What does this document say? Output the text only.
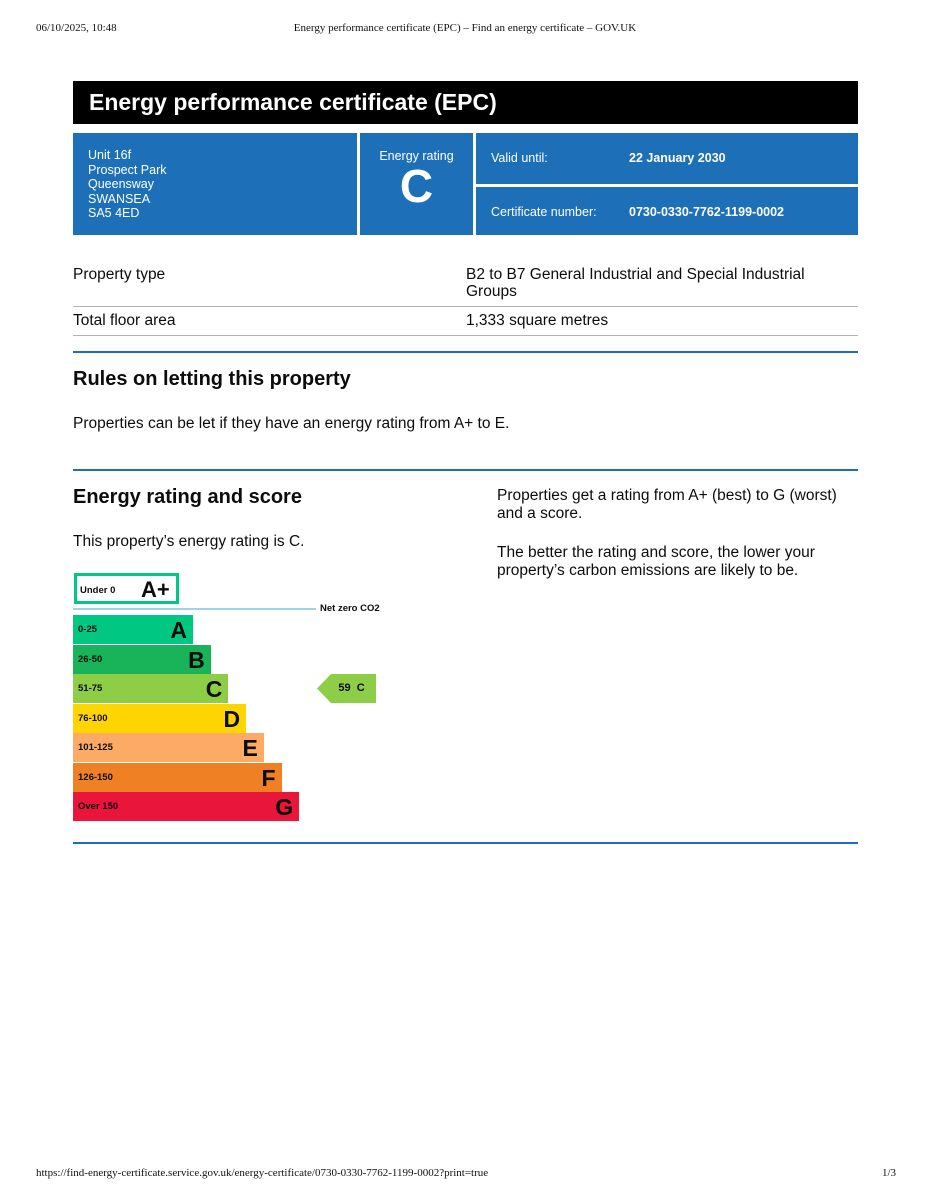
06/10/2025, 10:48	Energy performance certificate (EPC) – Find an energy certificate – GOV.UK
https://find-energy-certificate.service.gov.uk/energy-certificate/0730-0330-7762-1199-0002?print=true	1/3
Energy performance certificate (EPC)
Unit 16f
Prospect Park
Queensway
SWANSEA
SA5 4ED
Energy rating
C
Valid until:	22 January 2030
Certificate number:	0730-0330-7762-1199-0002
Property type	B2 to B7 General Industrial and Special Industrial Groups
Total floor area	1,333 square metres
Rules on letting this property

Properties can be let if they have an energy rating from A+ to E.

Energy rating and score

This property’s energy rating is C.

Properties get a rating from A+ (best) to G (worst) and a score.

The better the rating and score, the lower your property’s carbon emissions are likely to be.

Under 0 A+
Net zero CO2
0-25	A
26-50	B
51-75	C
76-100	D
101-125	E
126-150	F
Over 150	G
59 C
